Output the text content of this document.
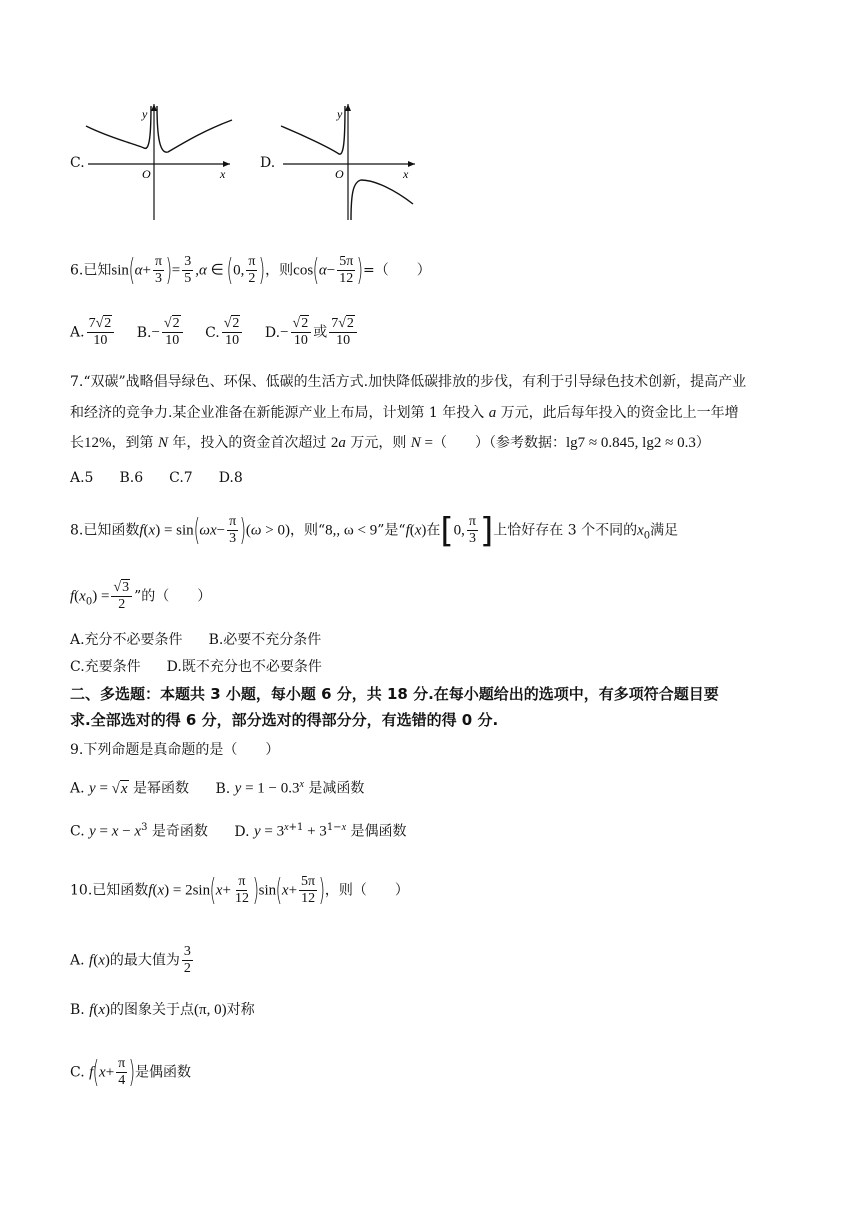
C.
y
x
O
D.
y
x
O
6.已知$\sin(\alpha+ \frac{\pi}{3}$ )= $\frac{3}{5} ,\alpha$ ∈ (0, $\frac{\pi}{2}$ )，则$\cos(\alpha- \frac{5\pi}{12}$ )=（　　）
A. $\frac{7√2}{10} B.- \frac{√2}{10} C$. $\frac{√2}{10} D.- \frac{√2}{10}$ 或 $\frac{7√2}{10}$
7.“双碳”战略倡导绿色、环保、低碳的生活方式.加快降低碳排放的步伐，有利于引导绿色技术创新，提高产业
和经济的竞争力.某企业准备在新能源产业上布局，计划第 1 年投入 a 万元，此后每年投入的资金比上一年增
长12%，到第 N 年，投入的资金首次超过 2a 万元，则 N =（　　）（参考数据：lg7 ≈ 0.845, lg2 ≈ 0.3）
A.5 B.6 C.7 D.8
8.已知函数$f(x) = \sin(\omega x- \frac{\pi}{3} )(\omega > 0)$，则“8,, ω < 9”是“f(x)在[0, $\frac{\pi}{3}$ ]上恰好存在 3 个不同的$x_0$满足
$f(x_0) = \frac{√3}{2}$ ”的（　　）
A.充分不必要条件 B.必要不充分条件
C.充要条件 D.既不充分也不必要条件
二、多选题：本题共 3 小题，每小题 6 分，共 18 分.在每小题给出的选项中，有多项符合题目要
求.全部选对的得 6 分，部分选对的得部分分，有选错的得 0 分.
9.下列命题是真命题的是（　　）
A. y = √x 是幂函数 B. $y = 1 - 0.3^x$ 是减函数
C. $y = x - x^3$ 是奇函数 D. $y = 3^{x+1} + 3^{1-x}$ 是偶函数
10.已知函数$f(x) = 2\sin(x+ \frac{\pi}{12} )\sin(x+ \frac{5\pi}{12}$ )，则（　　）
A. f(x)的最大值为 $\frac{3}{2}$
B. f(x)的图象关于点(π, 0)对称
C. $f(x+ \frac{\pi}{4}$ )是偶函数
